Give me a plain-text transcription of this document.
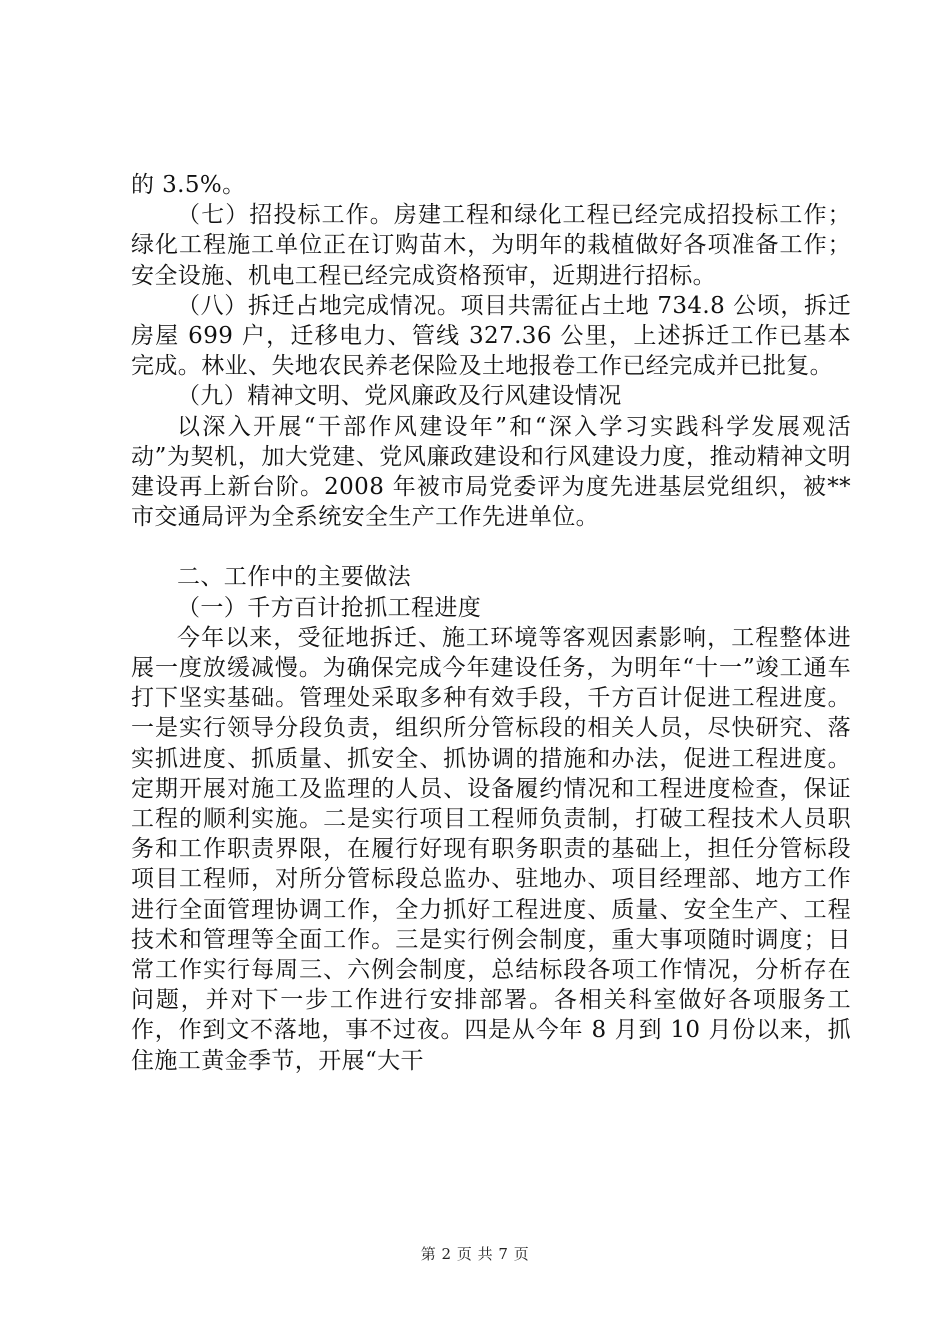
的 3.5%。

（七）招投标工作。房建工程和绿化工程已经完成招投标工作；绿化工程施工单位正在订购苗木，为明年的栽植做好各项准备工作；安全设施、机电工程已经完成资格预审，近期进行招标。

（八）拆迁占地完成情况。项目共需征占土地 734.8 公顷，拆迁房屋 699 户，迁移电力、管线 327.36 公里，上述拆迁工作已基本完成。林业、失地农民养老保险及土地报卷工作已经完成并已批复。

（九）精神文明、党风廉政及行风建设情况

以深入开展“干部作风建设年”和“深入学习实践科学发展观活动”为契机，加大党建、党风廉政建设和行风建设力度，推动精神文明建设再上新台阶。2008 年被市局党委评为度先进基层党组织，被**市交通局评为全系统安全生产工作先进单位。

二、工作中的主要做法

（一）千方百计抢抓工程进度

今年以来，受征地拆迁、施工环境等客观因素影响，工程整体进展一度放缓减慢。为确保完成今年建设任务，为明年“十一”竣工通车打下坚实基础。管理处采取多种有效手段，千方百计促进工程进度。一是实行领导分段负责，组织所分管标段的相关人员，尽快研究、落实抓进度、抓质量、抓安全、抓协调的措施和办法，促进工程进度。定期开展对施工及监理的人员、设备履约情况和工程进度检查，保证工程的顺利实施。二是实行项目工程师负责制，打破工程技术人员职务和工作职责界限，在履行好现有职务职责的基础上，担任分管标段项目工程师，对所分管标段总监办、驻地办、项目经理部、地方工作进行全面管理协调工作，全力抓好工程进度、质量、安全生产、工程技术和管理等全面工作。三是实行例会制度，重大事项随时调度；日常工作实行每周三、六例会制度，总结标段各项工作情况，分析存在问题，并对下一步工作进行安排部署。各相关科室做好各项服务工作，作到文不落地，事不过夜。四是从今年 8 月到 10 月份以来，抓住施工黄金季节，开展“大干

第 2 页 共 7 页
